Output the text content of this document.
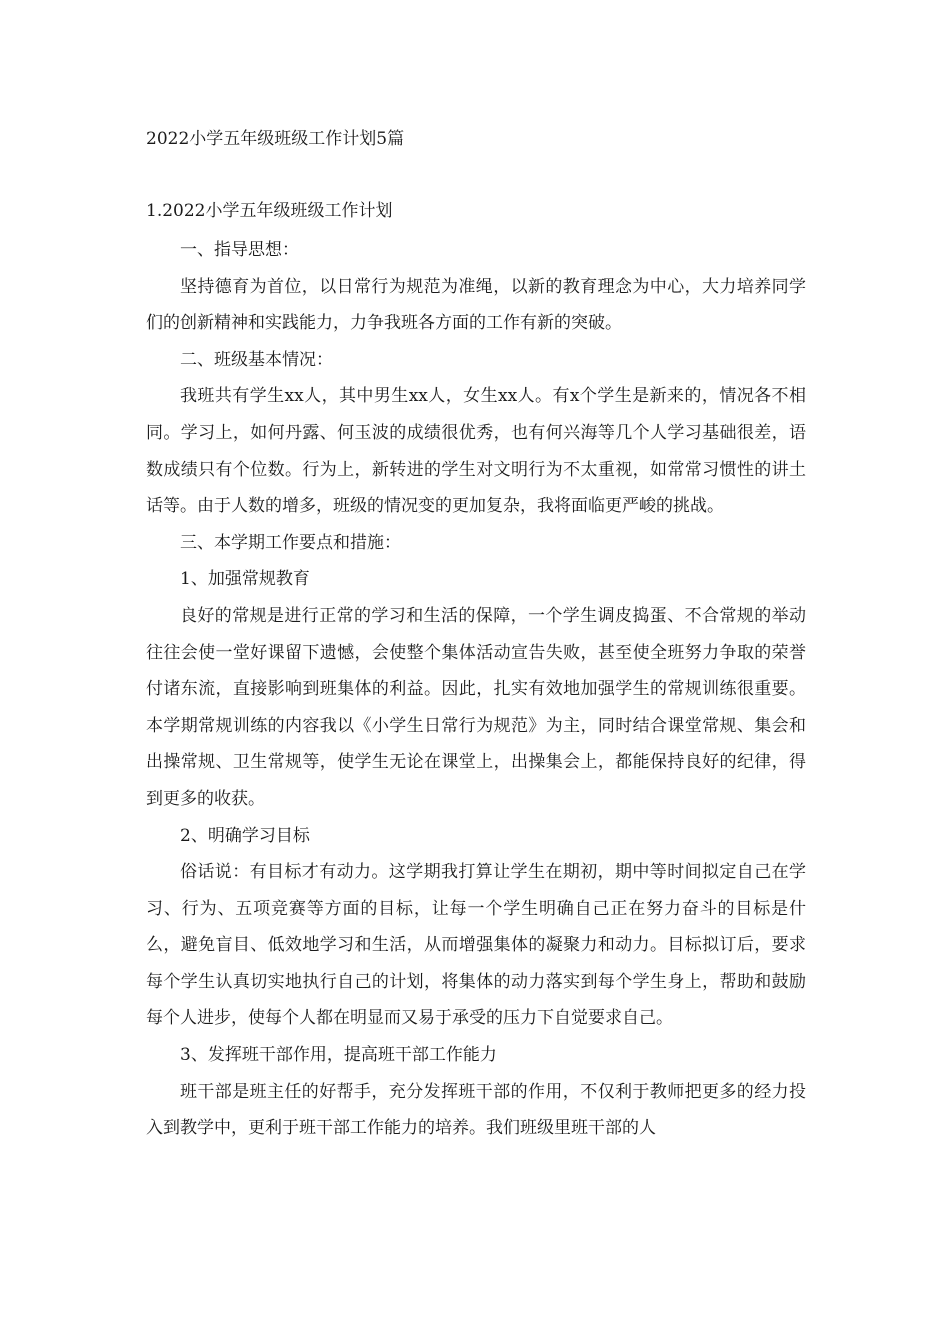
2022小学五年级班级工作计划5篇
1.2022小学五年级班级工作计划

一、指导思想：

坚持德育为首位，以日常行为规范为准绳，以新的教育理念为中心，大力培养同学们的创新精神和实践能力，力争我班各方面的工作有新的突破。

二、班级基本情况：

我班共有学生xx人，其中男生xx人，女生xx人。有x个学生是新来的，情况各不相同。学习上，如何丹露、何玉波的成绩很优秀，也有何兴海等几个人学习基础很差，语数成绩只有个位数。行为上，新转进的学生对文明行为不太重视，如常常习惯性的讲土话等。由于人数的增多，班级的情况变的更加复杂，我将面临更严峻的挑战。

三、本学期工作要点和措施：

1、加强常规教育

良好的常规是进行正常的学习和生活的保障，一个学生调皮捣蛋、不合常规的举动往往会使一堂好课留下遗憾，会使整个集体活动宣告失败，甚至使全班努力争取的荣誉付诸东流，直接影响到班集体的利益。因此，扎实有效地加强学生的常规训练很重要。本学期常规训练的内容我以《小学生日常行为规范》为主，同时结合课堂常规、集会和出操常规、卫生常规等，使学生无论在课堂上，出操集会上，都能保持良好的纪律，得到更多的收获。

2、明确学习目标

俗话说：有目标才有动力。这学期我打算让学生在期初，期中等时间拟定自己在学习、行为、五项竞赛等方面的目标，让每一个学生明确自己正在努力奋斗的目标是什么，避免盲目、低效地学习和生活，从而增强集体的凝聚力和动力。目标拟订后，要求每个学生认真切实地执行自己的计划，将集体的动力落实到每个学生身上，帮助和鼓励每个人进步，使每个人都在明显而又易于承受的压力下自觉要求自己。

3、发挥班干部作用，提高班干部工作能力

班干部是班主任的好帮手，充分发挥班干部的作用，不仅利于教师把更多的经力投入到教学中，更利于班干部工作能力的培养。我们班级里班干部的人
